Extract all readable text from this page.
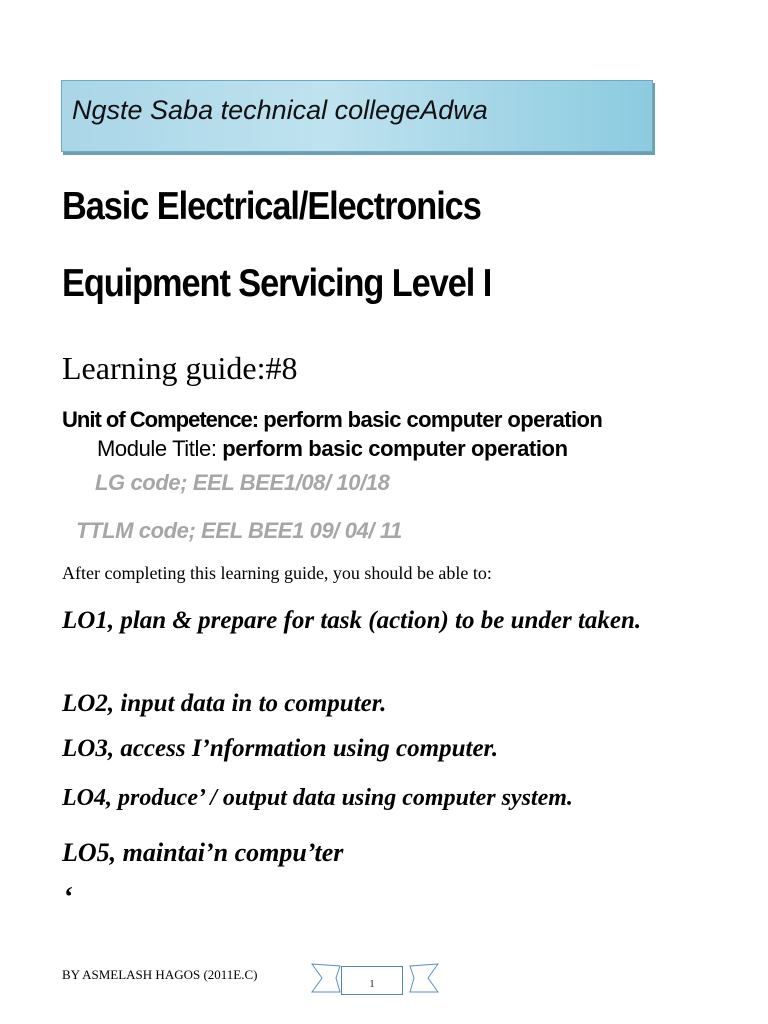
Ngste Saba technical collegeAdwa
Basic Electrical/Electronics
Equipment Servicing Level I
Learning guide:#8
Unit of Competence: perform basic computer operation
Module Title: perform basic computer operation
LG code; EEL BEE1/08/ 10/18
TTLM code; EEL BEE1 09/ 04/ 11
After completing this learning guide, you should be able to:
LO1, plan & prepare for task (action) to be under taken.
LO2, input data in to computer.
LO3, access I’nformation using computer.
LO4, produce’ / output data using computer system.
LO5, maintai’n compu’ter
‘
BY ASMELASH HAGOS (2011E.C)
1
